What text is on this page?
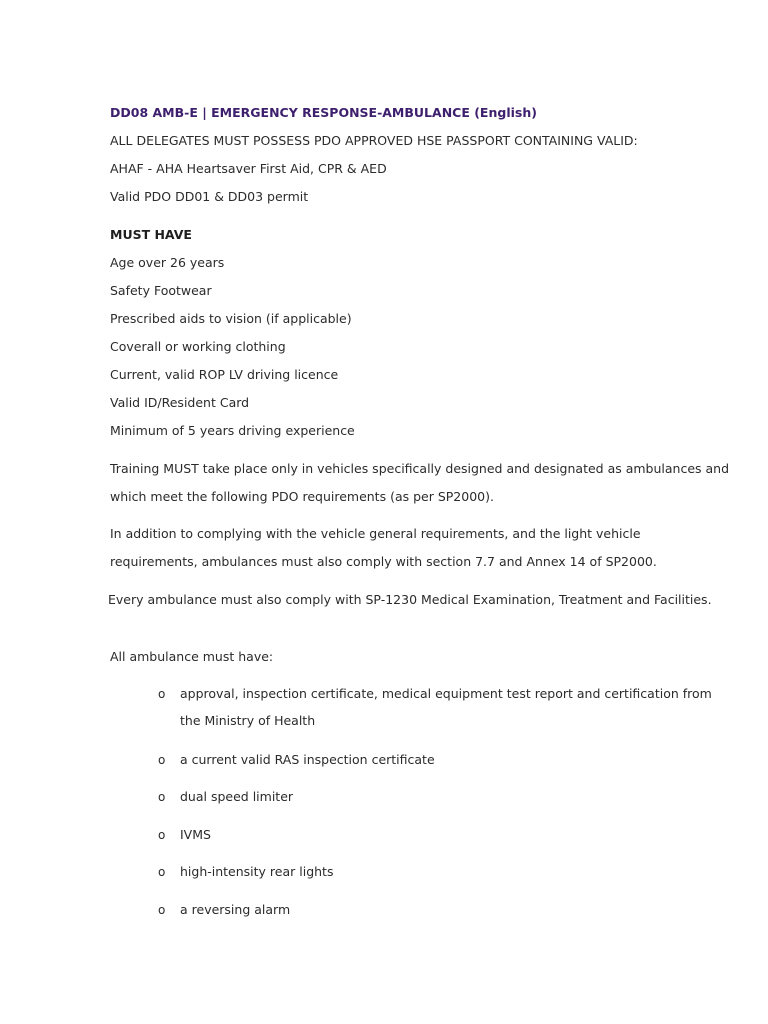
DD08 AMB-E | EMERGENCY RESPONSE-AMBULANCE (English)
ALL DELEGATES MUST POSSESS PDO APPROVED HSE PASSPORT CONTAINING VALID:
AHAF - AHA Heartsaver First Aid, CPR & AED
Valid PDO DD01 & DD03 permit
MUST HAVE
Age over 26 years
Safety Footwear
Prescribed aids to vision (if applicable)
Coverall or working clothing
Current, valid ROP LV driving licence
Valid ID/Resident Card
Minimum of 5 years driving experience
Training MUST take place only in vehicles specifically designed and designated as ambulances and
which meet the following PDO requirements (as per SP2000).
In addition to complying with the vehicle general requirements, and the light vehicle
requirements, ambulances must also comply with section 7.7 and Annex 14 of SP2000.
Every ambulance must also comply with SP-1230 Medical Examination, Treatment and Facilities.
All ambulance must have:
o approval, inspection certificate, medical equipment test report and certification from
the Ministry of Health
o a current valid RAS inspection certificate
o dual speed limiter
o IVMS
o high-intensity rear lights
o a reversing alarm
